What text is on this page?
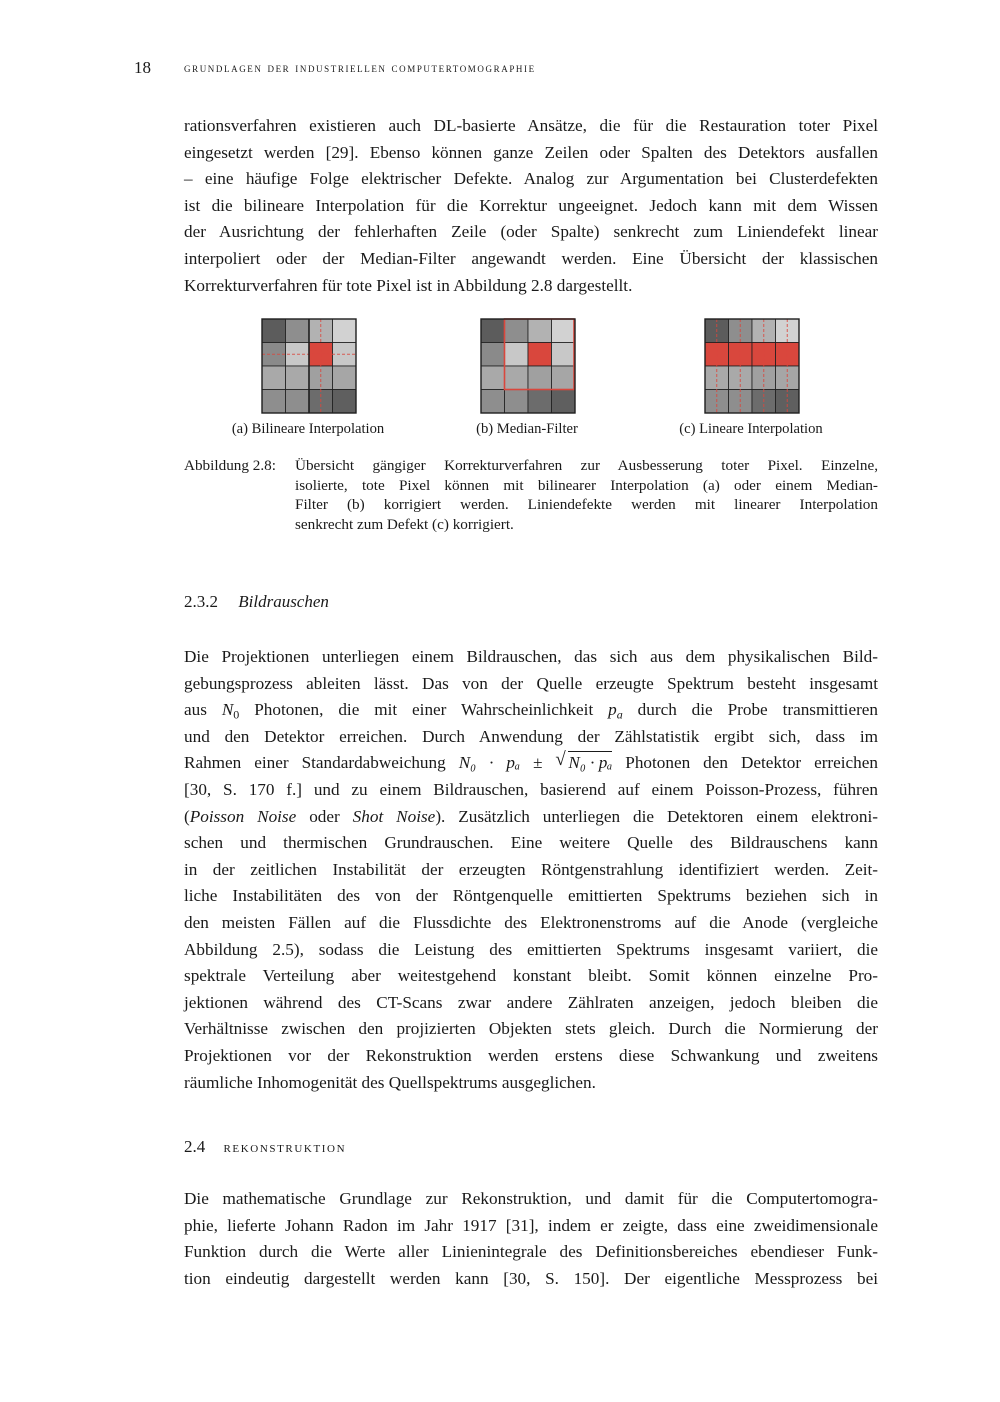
18 grundlagen der industriellen computertomographie
rationsverfahren existieren auch DL-basierte Ansätze, die für die Restauration toter Pixel
eingesetzt werden [29]. Ebenso können ganze Zeilen oder Spalten des Detektors ausfallen
– eine häufige Folge elektrischer Defekte. Analog zur Argumentation bei Clusterdefekten
ist die bilineare Interpolation für die Korrektur ungeeignet. Jedoch kann mit dem Wissen
der Ausrichtung der fehlerhaften Zeile (oder Spalte) senkrecht zum Liniendefekt linear
interpoliert oder der Median-Filter angewandt werden. Eine Übersicht der klassischen
Korrekturverfahren für tote Pixel ist in Abbildung 2.8 dargestellt.
(a) Bilineare Interpolation	(b) Median-Filter	(c) Lineare Interpolation
Abbildung 2.8: Übersicht gängiger Korrekturverfahren zur Ausbesserung toter Pixel. Einzelne,
isolierte, tote Pixel können mit bilinearer Interpolation (a) oder einem Median-
Filter (b) korrigiert werden. Liniendefekte werden mit linearer Interpolation
senkrecht zum Defekt (c) korrigiert.
2.3.2 Bildrauschen
Die Projektionen unterliegen einem Bildrauschen, das sich aus dem physikalischen Bild-
gebungsprozess ableiten lässt. Das von der Quelle erzeugte Spektrum besteht insgesamt
aus $N_0$ Photonen, die mit einer Wahrscheinlichkeit $p_a$ durch die Probe transmittieren
und den Detektor erreichen. Durch Anwendung der Zählstatistik ergibt sich, dass im
Rahmen einer Standardabweichung N₀ · pₐ ± √ N₀ · pₐ Photonen den Detektor erreichen
[30, S. 170 f.] und zu einem Bildrauschen, basierend auf einem Poisson-Prozess, führen
(Poisson Noise oder Shot Noise). Zusätzlich unterliegen die Detektoren einem elektroni-
schen und thermischen Grundrauschen. Eine weitere Quelle des Bildrauschens kann
in der zeitlichen Instabilität der erzeugten Röntgenstrahlung identifiziert werden. Zeit-
liche Instabilitäten des von der Röntgenquelle emittierten Spektrums beziehen sich in
den meisten Fällen auf die Flussdichte des Elektronenstroms auf die Anode (vergleiche
Abbildung 2.5), sodass die Leistung des emittierten Spektrums insgesamt variiert, die
spektrale Verteilung aber weitestgehend konstant bleibt. Somit können einzelne Pro-
jektionen während des CT-Scans zwar andere Zählraten anzeigen, jedoch bleiben die
Verhältnisse zwischen den projizierten Objekten stets gleich. Durch die Normierung der
Projektionen vor der Rekonstruktion werden erstens diese Schwankung und zweitens
räumliche Inhomogenität des Quellspektrums ausgeglichen.
2.4 rekonstruktion
Die mathematische Grundlage zur Rekonstruktion, und damit für die Computertomogra-
phie, lieferte Johann Radon im Jahr 1917 [31], indem er zeigte, dass eine zweidimensionale
Funktion durch die Werte aller Linienintegrale des Definitionsbereiches ebendieser Funk-
tion eindeutig dargestellt werden kann [30, S. 150]. Der eigentliche Messprozess bei
